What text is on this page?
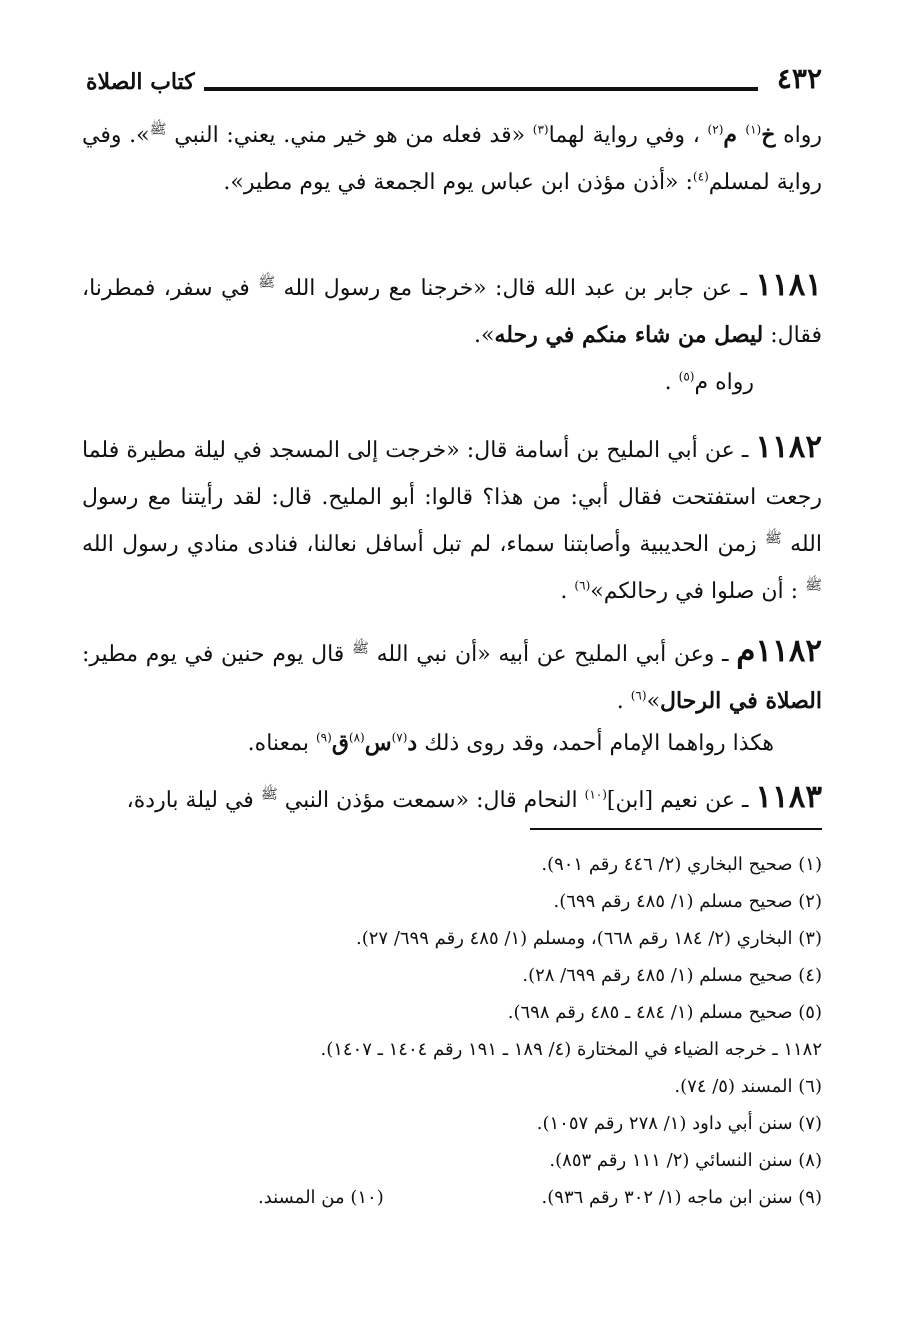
٤٣٢
كتاب الصلاة

رواه خ$^{(١)}$ م$^{(٢)}$ ، وفي رواية لهما$^{(٣)}$ «قد فعله من هو خير مني. يعني: النبي $^ﷺ$». وفي رواية لمسلم$^{(٤)}$: «أذن مؤذن ابن عباس يوم الجمعة في يوم مطير».

١١٨١ ـ عن جابر بن عبد الله قال: «خرجنا مع رسول الله $^ﷺ$ في سفر، فمطرنا، فقال: ليصل من شاء منكم في رحله».

رواه م$^{(٥)}$ .

١١٨٢ ـ عن أبي المليح بن أسامة قال: «خرجت إلى المسجد في ليلة مطيرة فلما رجعت استفتحت فقال أبي: من هذا؟ قالوا: أبو المليح. قال: لقد رأيتنا مع رسول الله $^ﷺ$ زمن الحديبية وأصابتنا سماء، لم تبل أسافل نعالنا، فنادى منادي رسول الله $^ﷺ$ : أن صلوا في رحالكم»$^{(٦)}$ .

١١٨٢م ـ وعن أبي المليح عن أبيه «أن نبي الله $^ﷺ$ قال يوم حنين في يوم مطير: الصلاة في الرحال»$^{(٦)}$ .

هكذا رواهما الإمام أحمد، وقد روى ذلك د$^{(٧)}$س$^{(٨)}$ق$^{(٩)}$ بمعناه.

١١٨٣ ـ عن نعيم [ابن]$^{(١٠)}$ النحام قال: «سمعت مؤذن النبي $^ﷺ$ في ليلة باردة،

(١) صحيح البخاري (٢/ ٤٤٦ رقم ٩٠١).
(٢) صحيح مسلم (١/ ٤٨٥ رقم ٦٩٩).
(٣) البخاري (٢/ ١٨٤ رقم ٦٦٨)، ومسلم (١/ ٤٨٥ رقم ٦٩٩/ ٢٧).
(٤) صحيح مسلم (١/ ٤٨٥ رقم ٦٩٩/ ٢٨).
(٥) صحيح مسلم (١/ ٤٨٤ ـ ٤٨٥ رقم ٦٩٨).
١١٨٢ ـ خرجه الضياء في المختارة (٤/ ١٨٩ ـ ١٩١ رقم ١٤٠٤ ـ ١٤٠٧).
(٦) المسند (٥/ ٧٤).
(٧) سنن أبي داود (١/ ٢٧٨ رقم ١٠٥٧).
(٨) سنن النسائي (٢/ ١١١ رقم ٨٥٣).
(٩) سنن ابن ماجه (١/ ٣٠٢ رقم ٩٣٦).
(١٠) من المسند.
